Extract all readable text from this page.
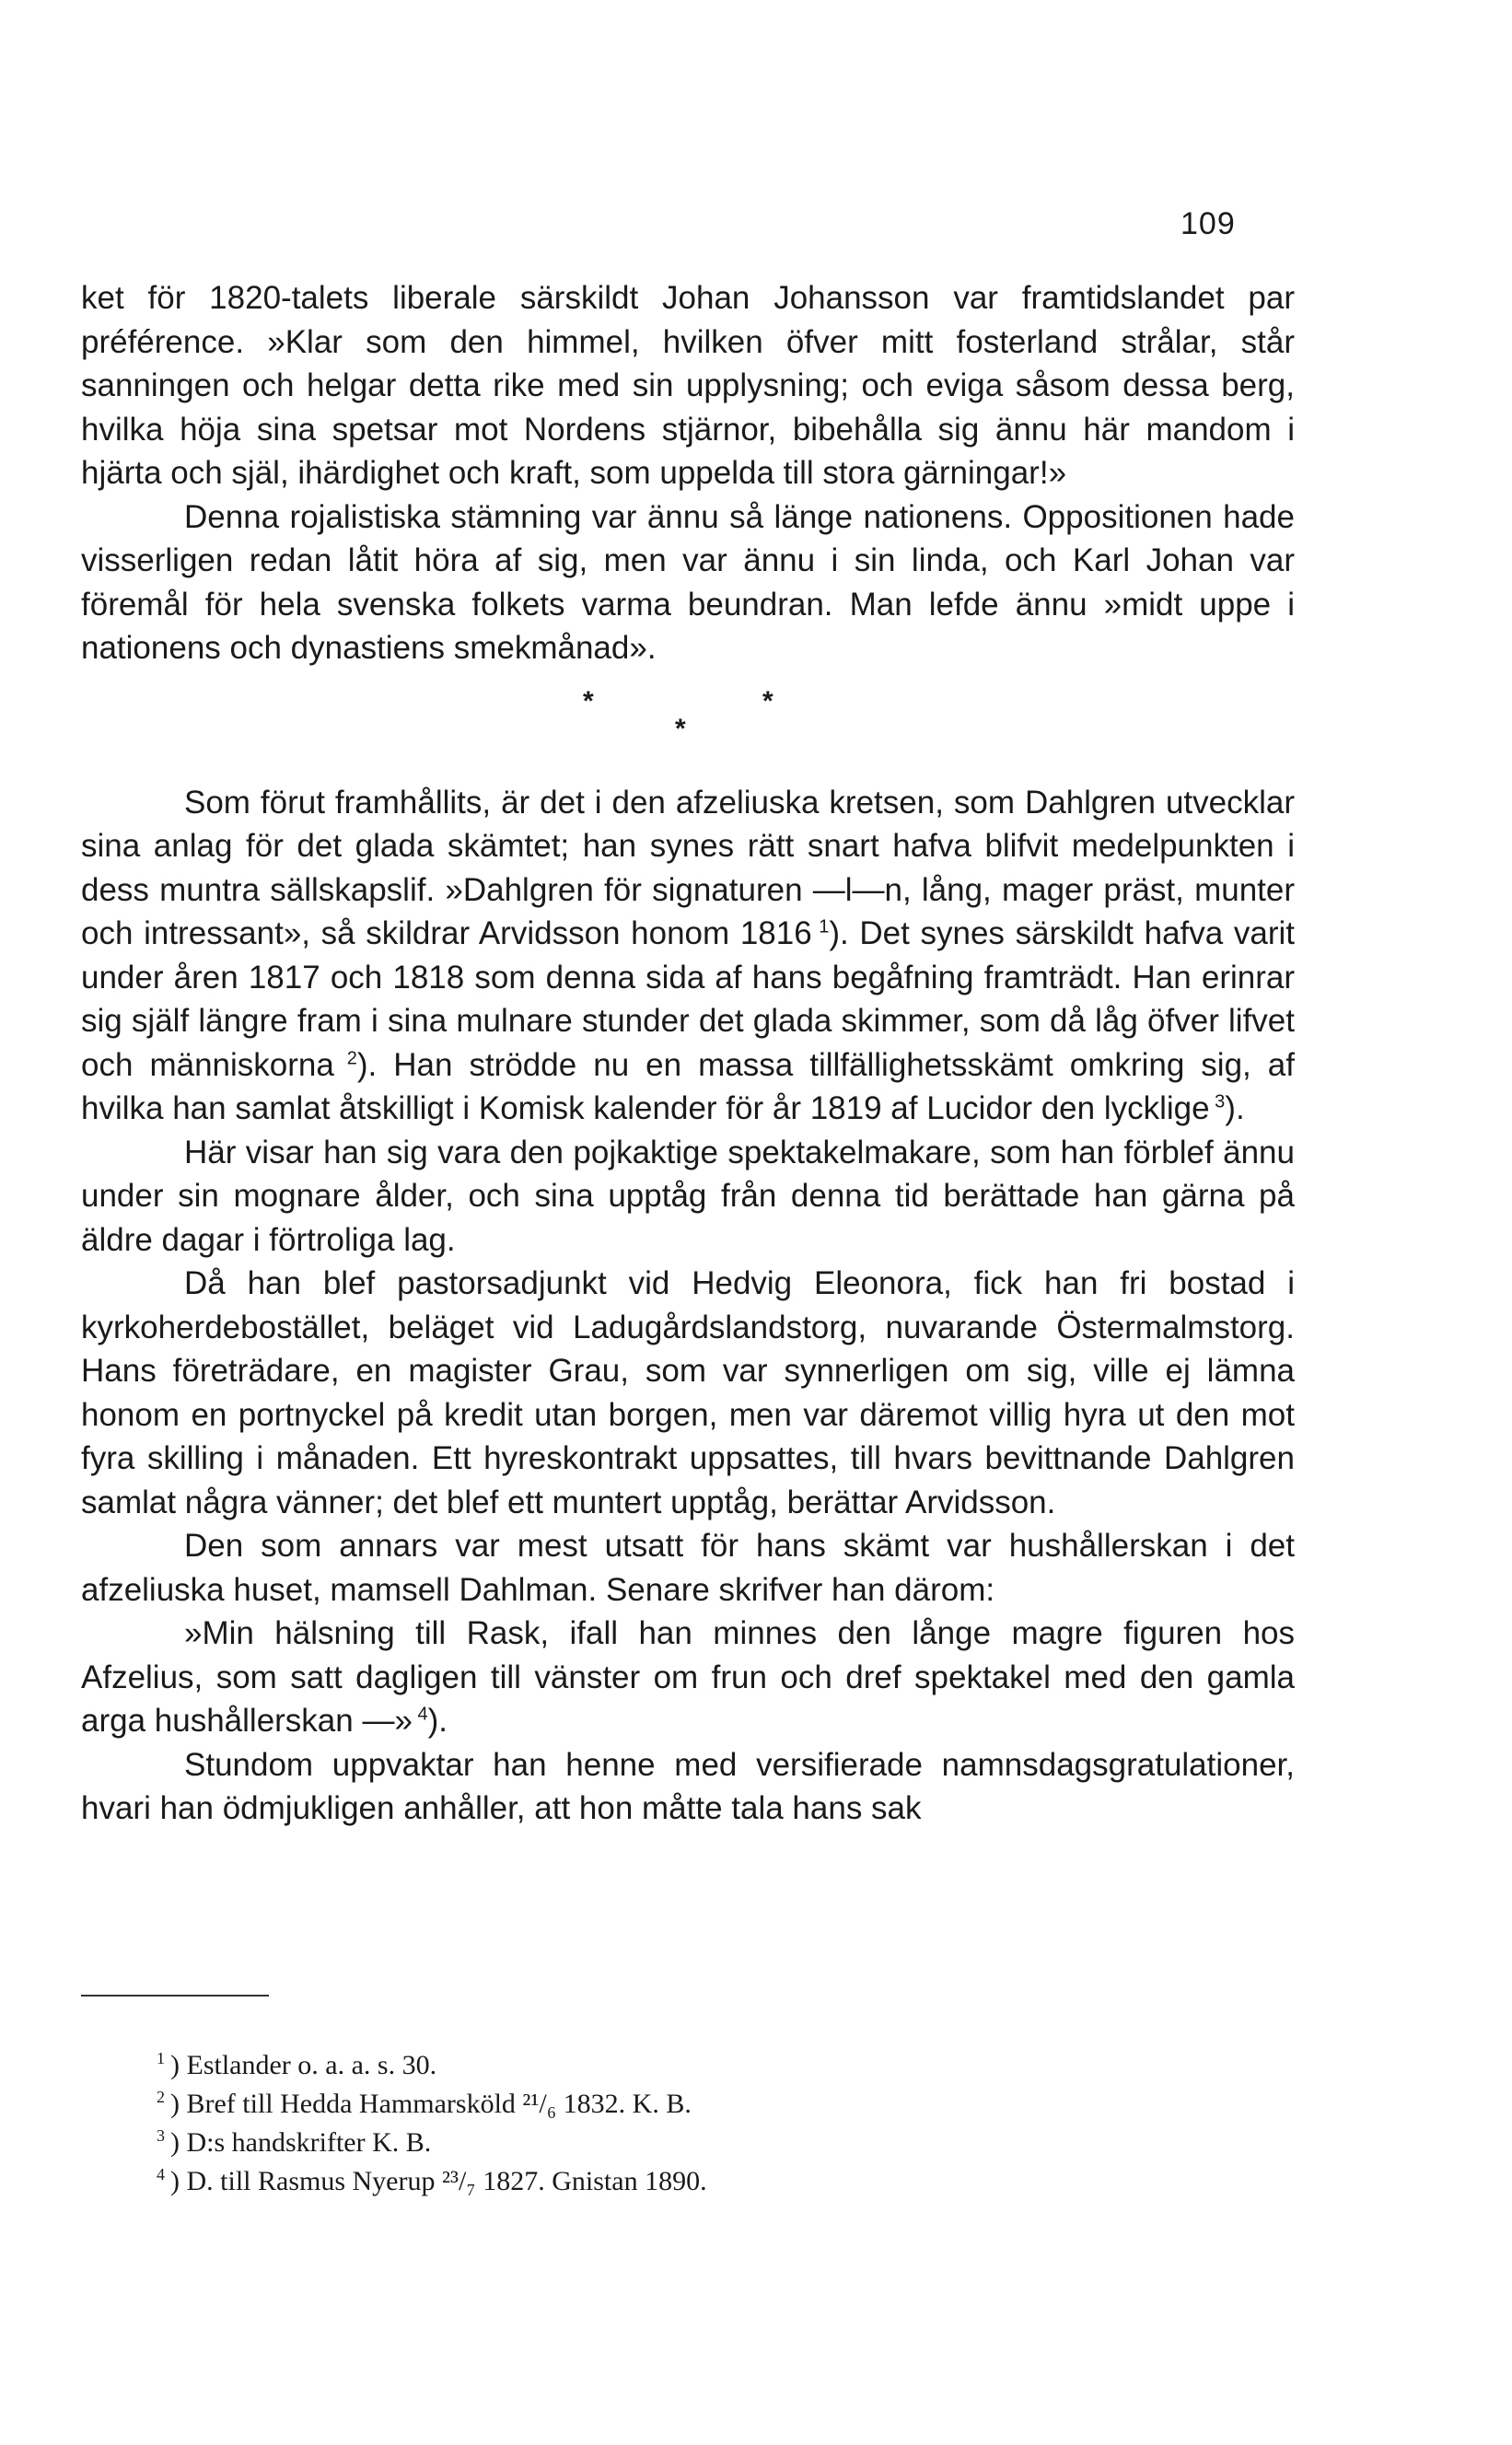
109

ket för 1820-talets liberale särskildt Johan Johansson var framtidslandet par préférence. »Klar som den himmel, hvilken öfver mitt fosterland strålar, står sanningen och helgar detta rike med sin upplysning; och eviga såsom dessa berg, hvilka höja sina spetsar mot Nordens stjärnor, bibehålla sig ännu här mandom i hjärta och själ, ihärdighet och kraft, som uppelda till stora gärningar!»

Denna rojalistiska stämning var ännu så länge nationens. Oppositionen hade visserligen redan låtit höra af sig, men var ännu i sin linda, och Karl Johan var föremål för hela svenska folkets varma beundran. Man lefde ännu »midt uppe i nationens och dynastiens smekmånad».

*	*
*

Som förut framhållits, är det i den afzeliuska kretsen, som Dahlgren utvecklar sina anlag för det glada skämtet; han synes rätt snart hafva blifvit medelpunkten i dess muntra sällskapslif. »Dahlgren för signaturen —l—n, lång, mager präst, munter och intressant», så skildrar Arvidsson honom 1816 $^1$). Det synes särskildt hafva varit under åren 1817 och 1818 som denna sida af hans begåfning framträdt. Han erinrar sig själf längre fram i sina mulnare stunder det glada skimmer, som då låg öfver lifvet och människorna $^2$). Han strödde nu en massa tillfällighetsskämt omkring sig, af hvilka han samlat åtskilligt i Komisk kalender för år 1819 af Lucidor den lycklige $^3$).

Här visar han sig vara den pojkaktige spektakelmakare, som han förblef ännu under sin mognare ålder, och sina upptåg från denna tid berättade han gärna på äldre dagar i förtroliga lag.

Då han blef pastorsadjunkt vid Hedvig Eleonora, fick han fri bostad i kyrkoherdebostället, beläget vid Ladugårdslandstorg, nuvarande Östermalmstorg. Hans företrädare, en magister Grau, som var synnerligen om sig, ville ej lämna honom en portnyckel på kredit utan borgen, men var däremot villig hyra ut den mot fyra skilling i månaden. Ett hyreskontrakt uppsattes, till hvars bevittnande Dahlgren samlat några vänner; det blef ett muntert upptåg, berättar Arvidsson.

Den som annars var mest utsatt för hans skämt var hushållerskan i det afzeliuska huset, mamsell Dahlman. Senare skrifver han därom:

»Min hälsning till Rask, ifall han minnes den långe magre figuren hos Afzelius, som satt dagligen till vänster om frun och dref spektakel med den gamla arga hushållerskan —» $^4$).

Stundom uppvaktar han henne med versifierade namnsdagsgratulationer, hvari han ödmjukligen anhåller, att hon måtte tala hans sak

$^1$ ) Estlander o. a. a. s. 30.
$^2$ ) Bref till Hedda Hammarsköld ²¹/₆ 1832. K. B.
$^3$ ) D:s handskrifter K. B.
$^4$ ) D. till Rasmus Nyerup ²³/₇ 1827. Gnistan 1890.
